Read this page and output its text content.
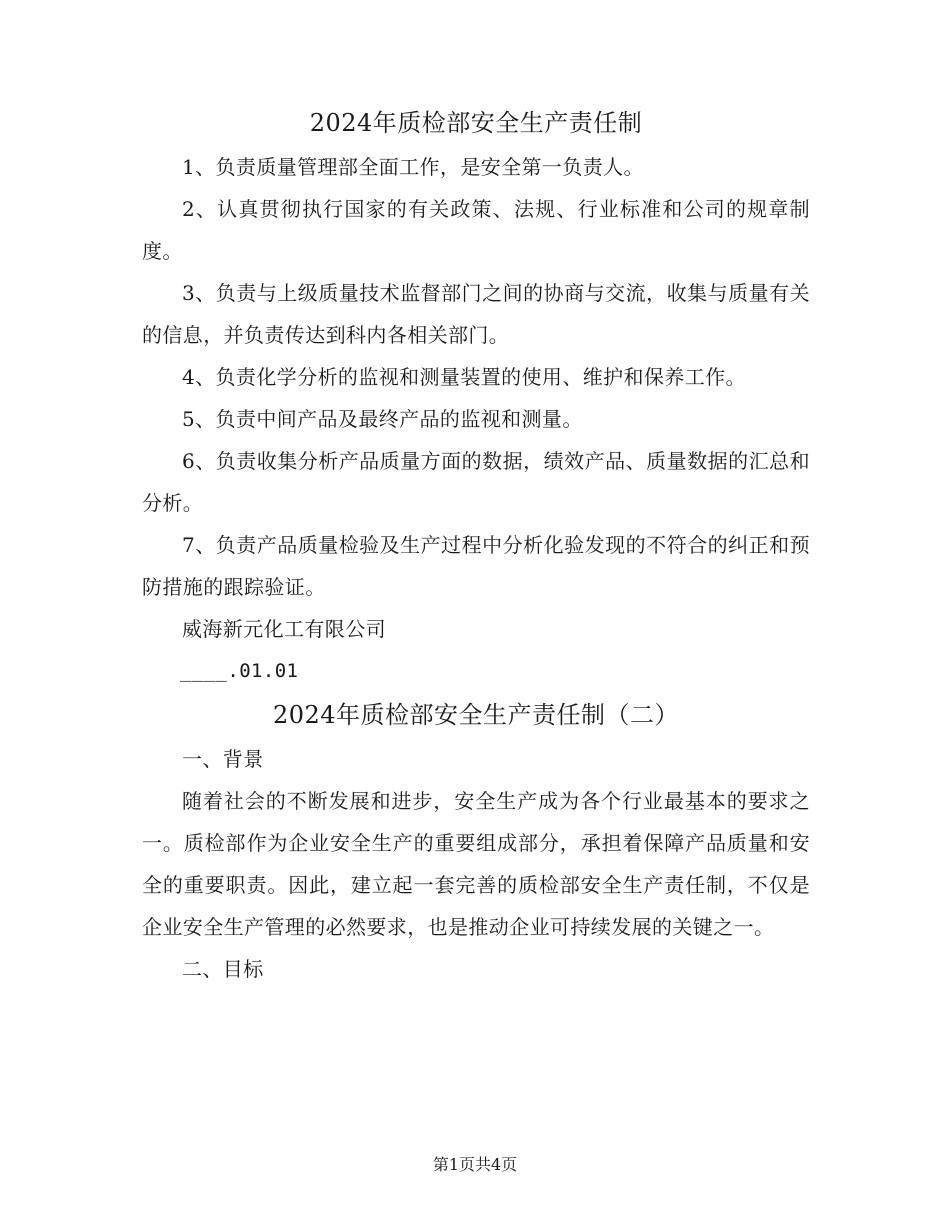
2024年质检部安全生产责任制

1、负责质量管理部全面工作，是安全第一负责人。

2、认真贯彻执行国家的有关政策、法规、行业标准和公司的规章制度。

3、负责与上级质量技术监督部门之间的协商与交流，收集与质量有关的信息，并负责传达到科内各相关部门。

4、负责化学分析的监视和测量装置的使用、维护和保养工作。

5、负责中间产品及最终产品的监视和测量。

6、负责收集分析产品质量方面的数据，绩效产品、质量数据的汇总和分析。

7、负责产品质量检验及生产过程中分析化验发现的不符合的纠正和预防措施的跟踪验证。

威海新元化工有限公司

____.01.01

2024年质检部安全生产责任制（二）

一、背景

随着社会的不断发展和进步，安全生产成为各个行业最基本的要求之一。质检部作为企业安全生产的重要组成部分，承担着保障产品质量和安全的重要职责。因此，建立起一套完善的质检部安全生产责任制，不仅是企业安全生产管理的必然要求，也是推动企业可持续发展的关键之一。

二、目标

第1页共4页
